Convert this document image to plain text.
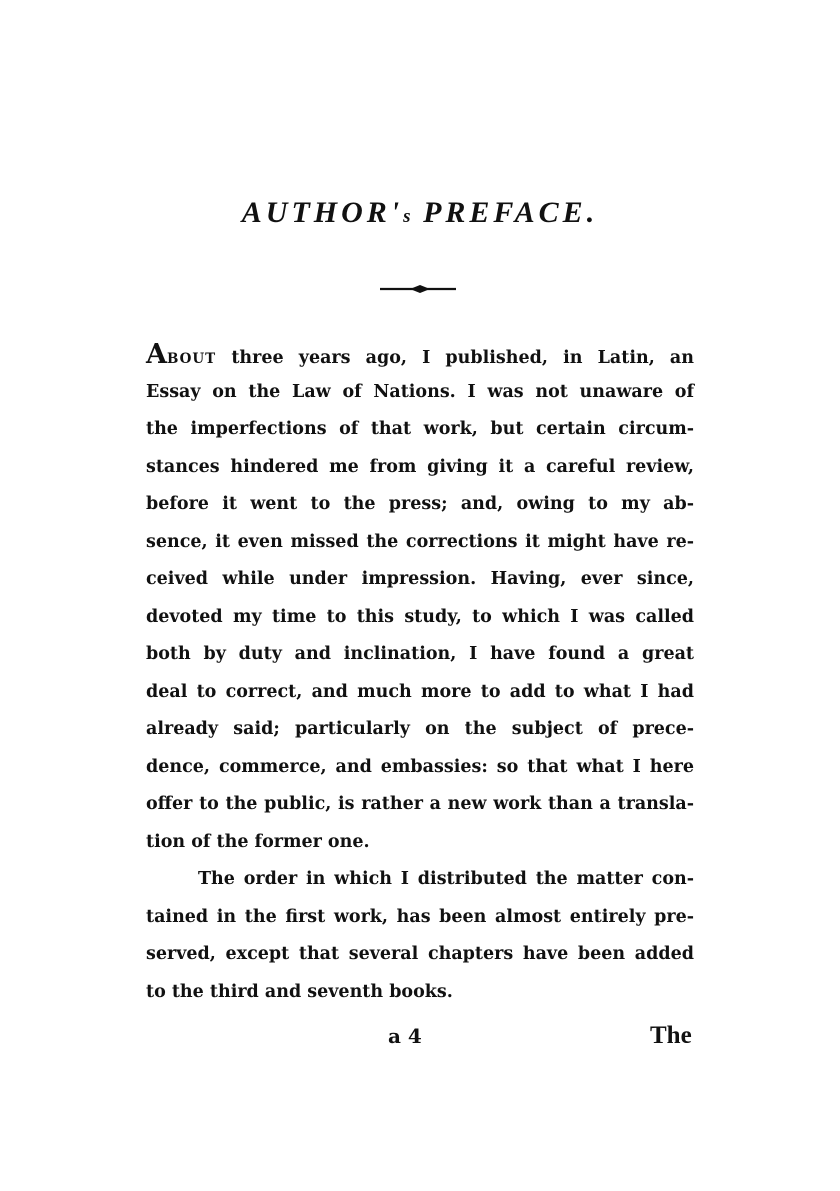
AUTHOR's PREFACE.
ABOUT three years ago, I published, in Latin, an
Essay on the Law of Nations. I was not unaware of
the imperfections of that work, but certain circum-
stances hindered me from giving it a careful review,
before it went to the press; and, owing to my ab-
sence, it even missed the corrections it might have re-
ceived while under impression. Having, ever since,
devoted my time to this study, to which I was called
both by duty and inclination, I have found a great
deal to correct, and much more to add to what I had
already said; particularly on the subject of prece-
dence, commerce, and embassies: so that what I here
offer to the public, is rather a new work than a transla-
tion of the former one.
The order in which I distributed the matter con-
tained in the first work, has been almost entirely pre-
served, except that several chapters have been added
to the third and seventh books.
a 4	The
